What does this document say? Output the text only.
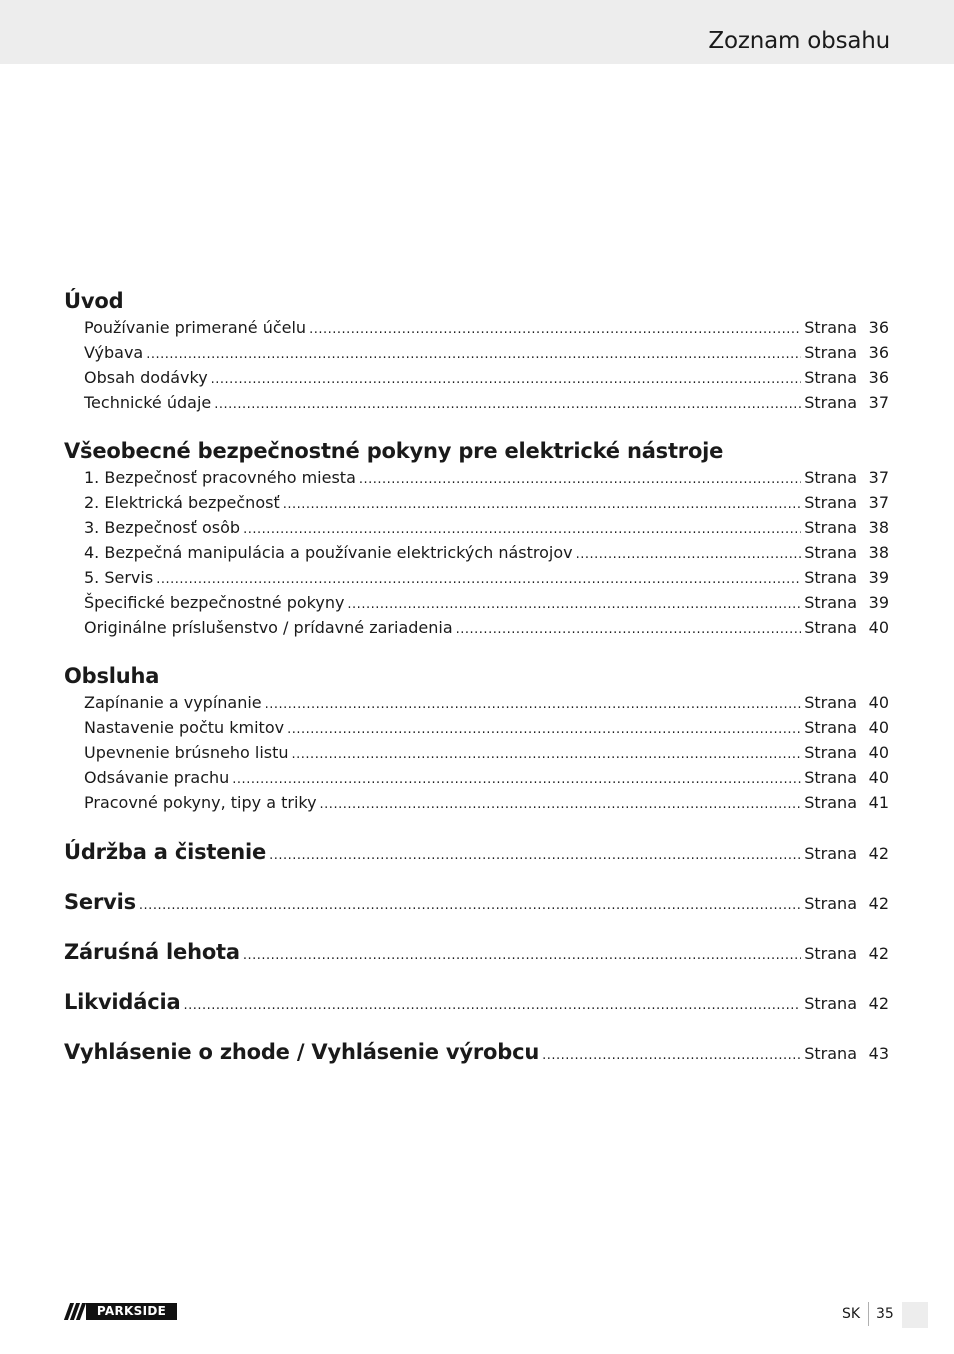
Zoznam obsahu
Úvod
Používanie primerané účelu .....	Strana 36
Výbava .....	Strana 36
Obsah dodávky .....	Strana 36
Technické údaje .....	Strana 37
Všeobecné bezpečnostné pokyny pre elektrické nástroje
1. Bezpečnosť pracovného miesta .....	Strana 37
2. Elektrická bezpečnosť .....	Strana 37
3. Bezpečnosť osôb .....	Strana 38
4. Bezpečná manipulácia a používanie elektrických nástrojov .....	Strana 38
5. Servis .....	Strana 39
Špecifické bezpečnostné pokyny .....	Strana 39
Originálne príslušenstvo / prídavné zariadenia .....	Strana 40
Obsluha
Zapínanie a vypínanie .....	Strana 40
Nastavenie počtu kmitov .....	Strana 40
Upevnenie brúsneho listu .....	Strana 40
Odsávanie prachu .....	Strana 40
Pracovné pokyny, tipy a triky .....	Strana 41
Údržba a čistenie .....	Strana 42
Servis .....	Strana 42
Záruśná lehota .....	Strana 42
Likvidácia .....	Strana 42
Vyhlásenie o zhode / Vyhlásenie výrobcu .....	Strana 43
PARKSIDE	SK 35
